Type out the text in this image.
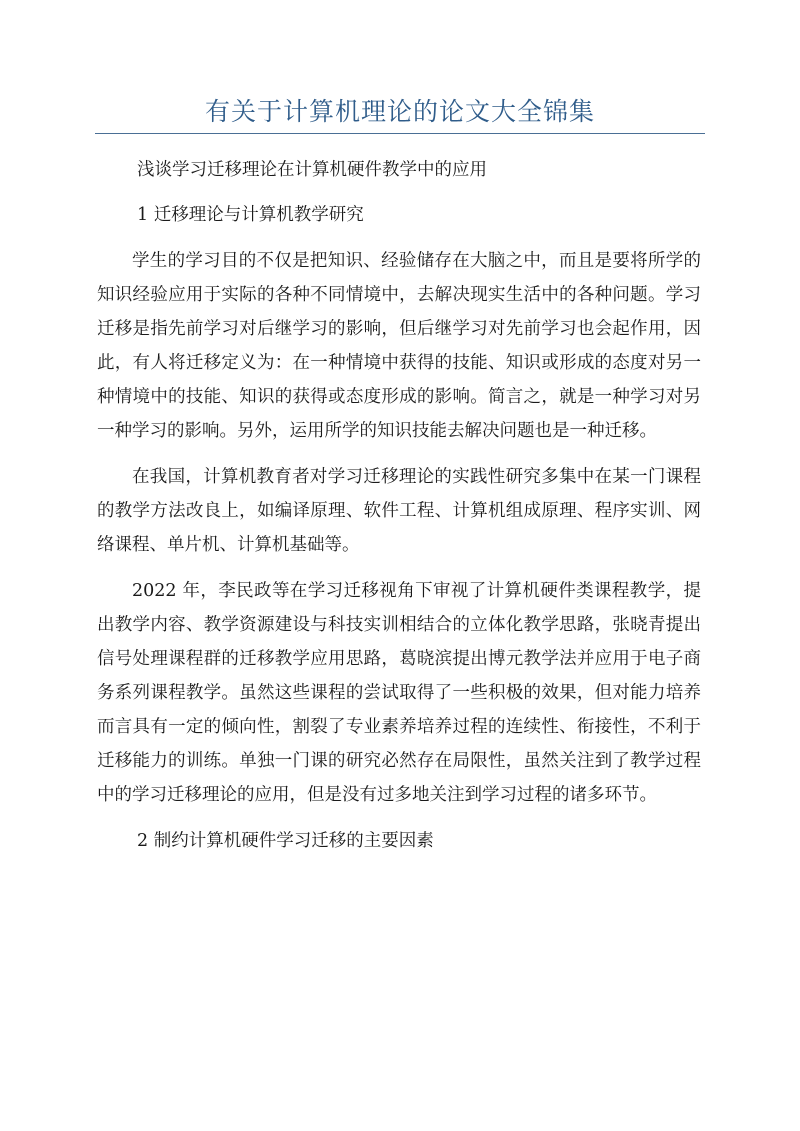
有关于计算机理论的论文大全锦集

浅谈学习迁移理论在计算机硬件教学中的应用

1 迁移理论与计算机教学研究

学生的学习目的不仅是把知识、经验储存在大脑之中，而且是要将所学的知识经验应用于实际的各种不同情境中，去解决现实生活中的各种问题。学习迁移是指先前学习对后继学习的影响，但后继学习对先前学习也会起作用，因此，有人将迁移定义为：在一种情境中获得的技能、知识或形成的态度对另一种情境中的技能、知识的获得或态度形成的影响。简言之，就是一种学习对另一种学习的影响。另外，运用所学的知识技能去解决问题也是一种迁移。

在我国，计算机教育者对学习迁移理论的实践性研究多集中在某一门课程的教学方法改良上，如编译原理、软件工程、计算机组成原理、程序实训、网络课程、单片机、计算机基础等。

2022 年，李民政等在学习迁移视角下审视了计算机硬件类课程教学，提出教学内容、教学资源建设与科技实训相结合的立体化教学思路，张晓青提出信号处理课程群的迁移教学应用思路，葛晓滨提出博元教学法并应用于电子商务系列课程教学。虽然这些课程的尝试取得了一些积极的效果，但对能力培养而言具有一定的倾向性，割裂了专业素养培养过程的连续性、衔接性，不利于迁移能力的训练。单独一门课的研究必然存在局限性，虽然关注到了教学过程中的学习迁移理论的应用，但是没有过多地关注到学习过程的诸多环节。

2 制约计算机硬件学习迁移的主要因素
